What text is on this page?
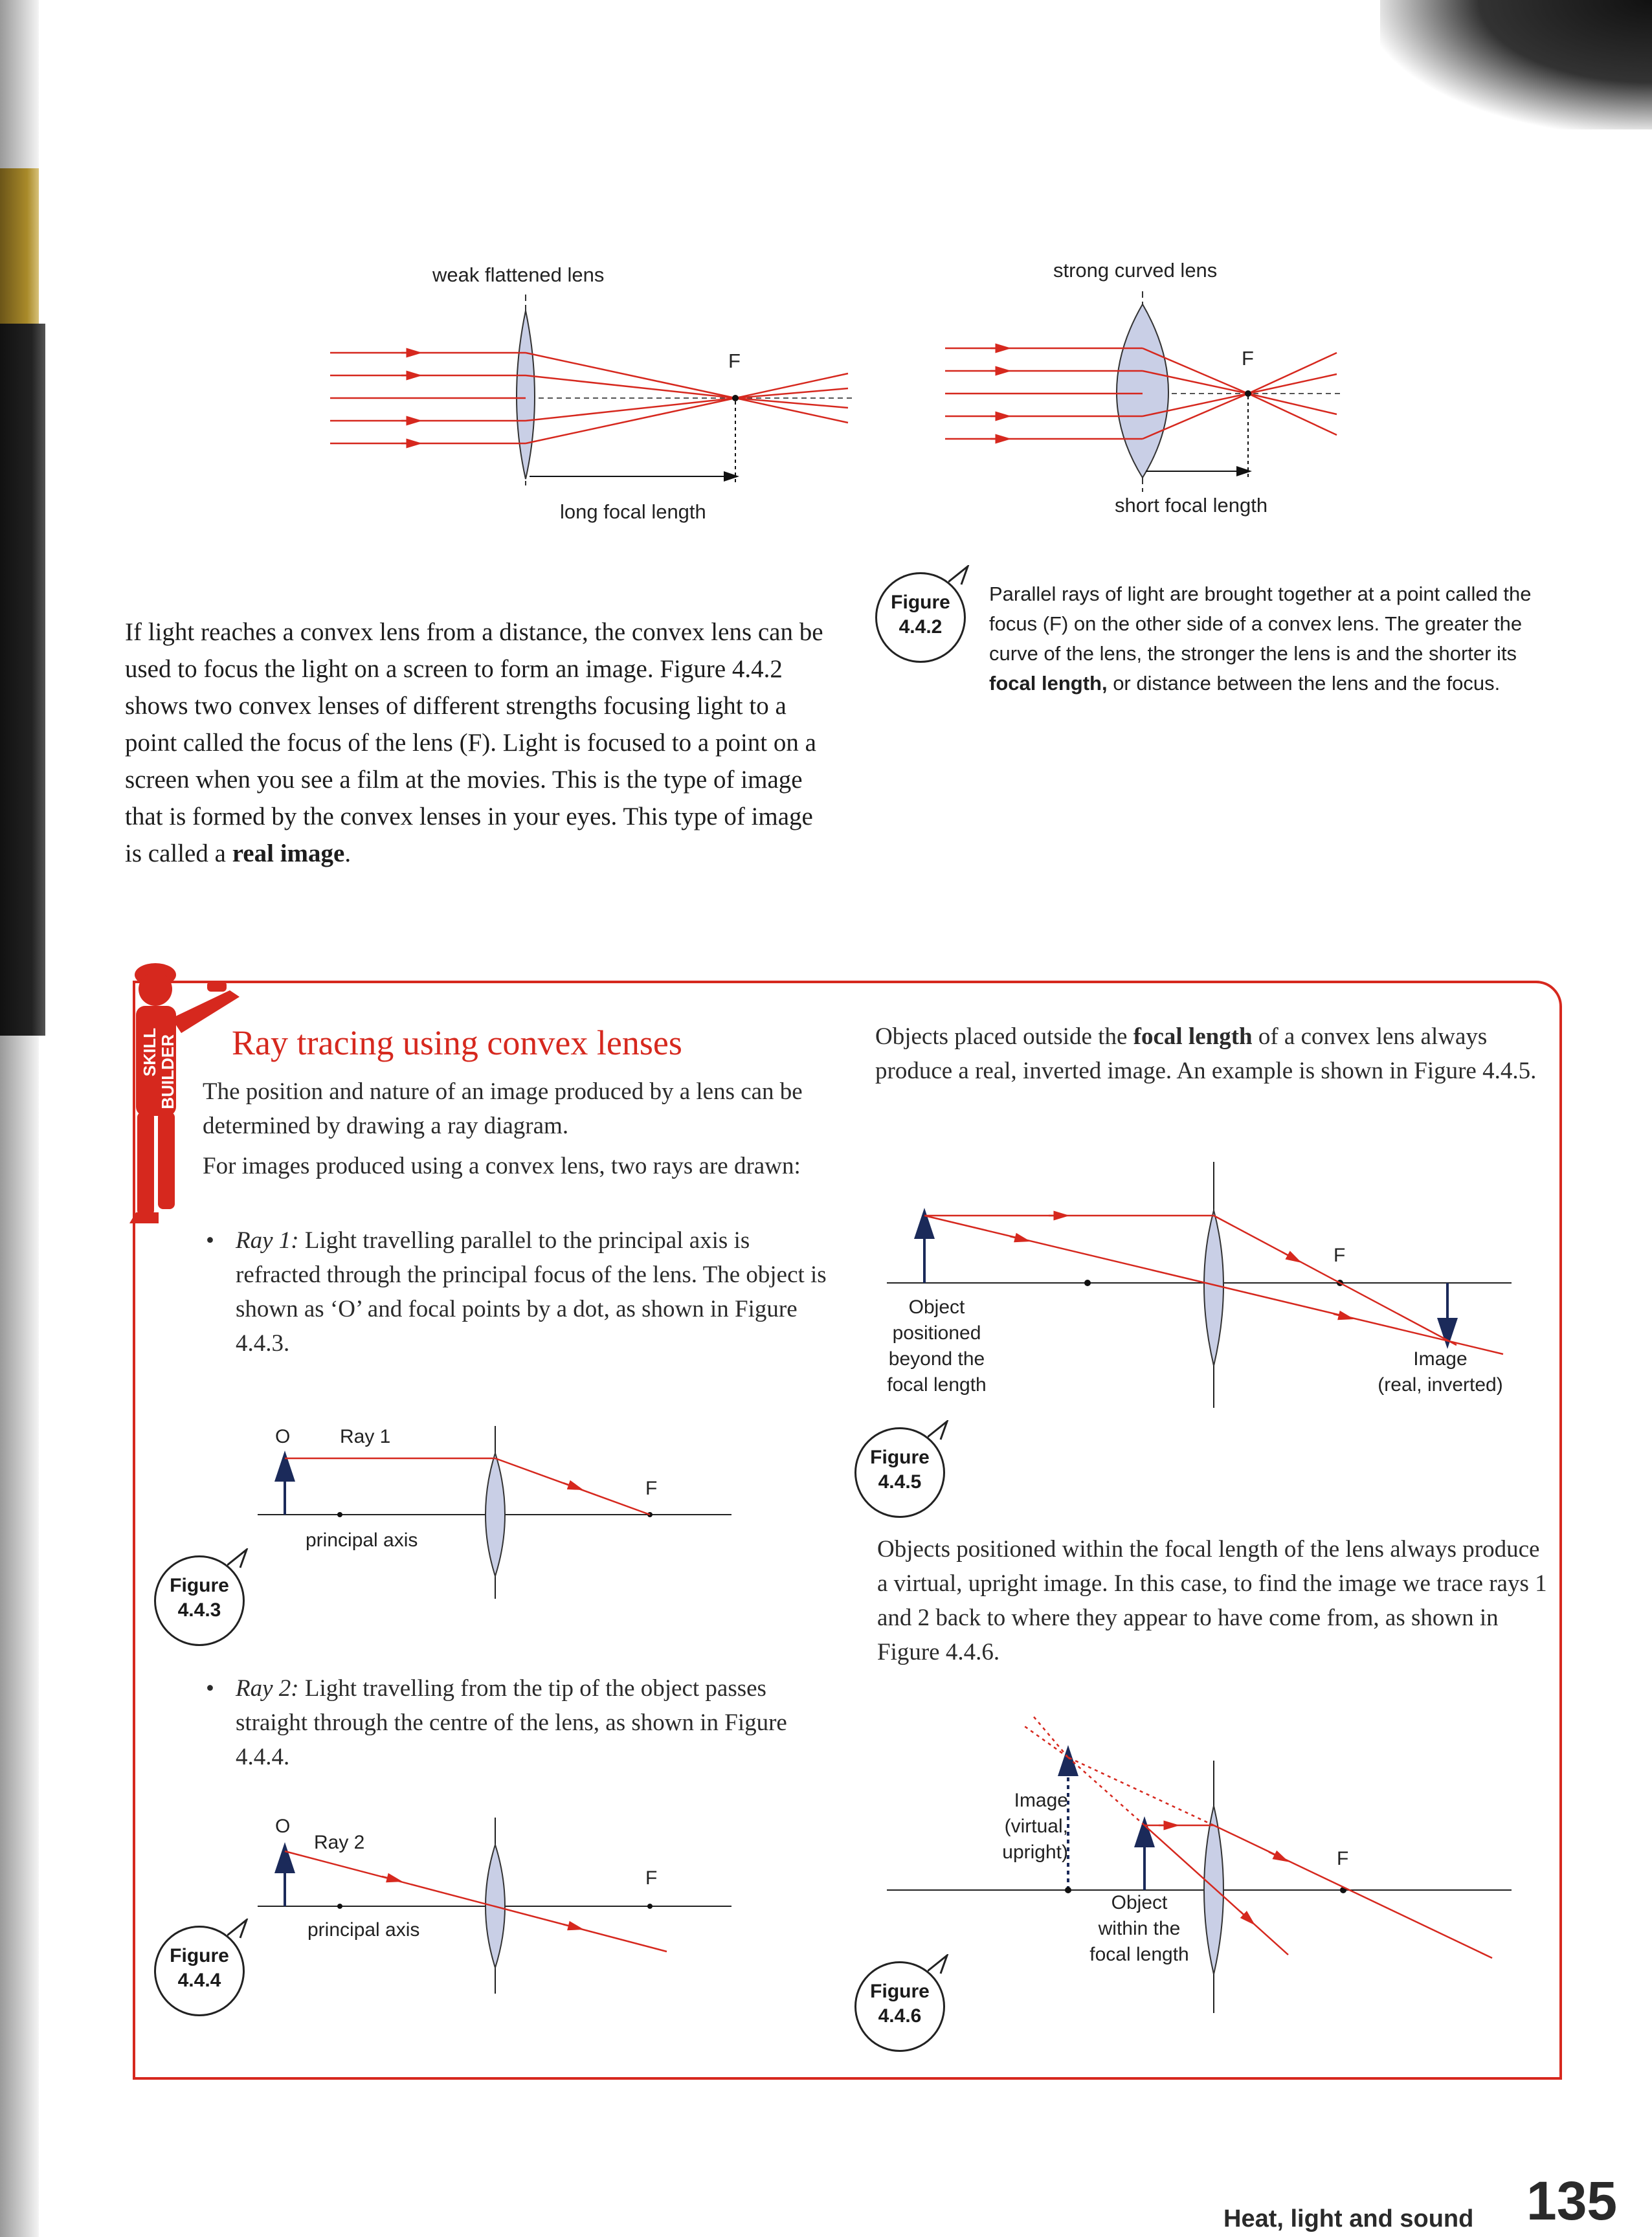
weak flattened lens
F
long focal length
strong curved lens
F
short focal length
Figure
4.4.2
Parallel rays of light are brought together at a point called the focus (F) on the other side of a convex lens. The greater the curve of the lens, the stronger the lens is and the shorter its focal length, or distance between the lens and the focus.
If light reaches a convex lens from a distance, the convex lens can be used to focus the light on a screen to form an image. Figure 4.4.2 shows two convex lenses of different strengths focusing light to a point called the focus of the lens (F). Light is focused to a point on a screen when you see a film at the movies. This is the type of image that is formed by the convex lenses in your eyes. This type of image is called a real image.
SKILL
BUILDER Ray tracing using convex lenses
The position and nature of an image produced by a lens can be determined by drawing a ray diagram.
For images produced using a convex lens, two rays are drawn:
• Ray 1: Light travelling parallel to the principal axis is refracted through the principal focus of the lens. The object is shown as ‘O’ and focal points by a dot, as shown in Figure 4.4.3.
O	Ray 1
F
principal axis
Figure
4.4.3
• Ray 2: Light travelling from the tip of the object passes straight through the centre of the lens, as shown in Figure 4.4.4.
O
Ray 2
F
principal axis
Figure
4.4.4
Objects placed outside the focal length of a convex lens always produce a real, inverted image. An example is shown in Figure 4.4.5.
Object
positioned
beyond the
focal length
F
Image
(real, inverted)
Figure
4.4.5
Objects positioned within the focal length of the lens always produce a virtual, upright image. In this case, to find the image we trace rays 1 and 2 back to where they appear to have come from, as shown in Figure 4.4.6.
Image
(virtual,
upright)
Object
within the
focal length
F
Figure
4.4.6
Heat, light and sound 135
